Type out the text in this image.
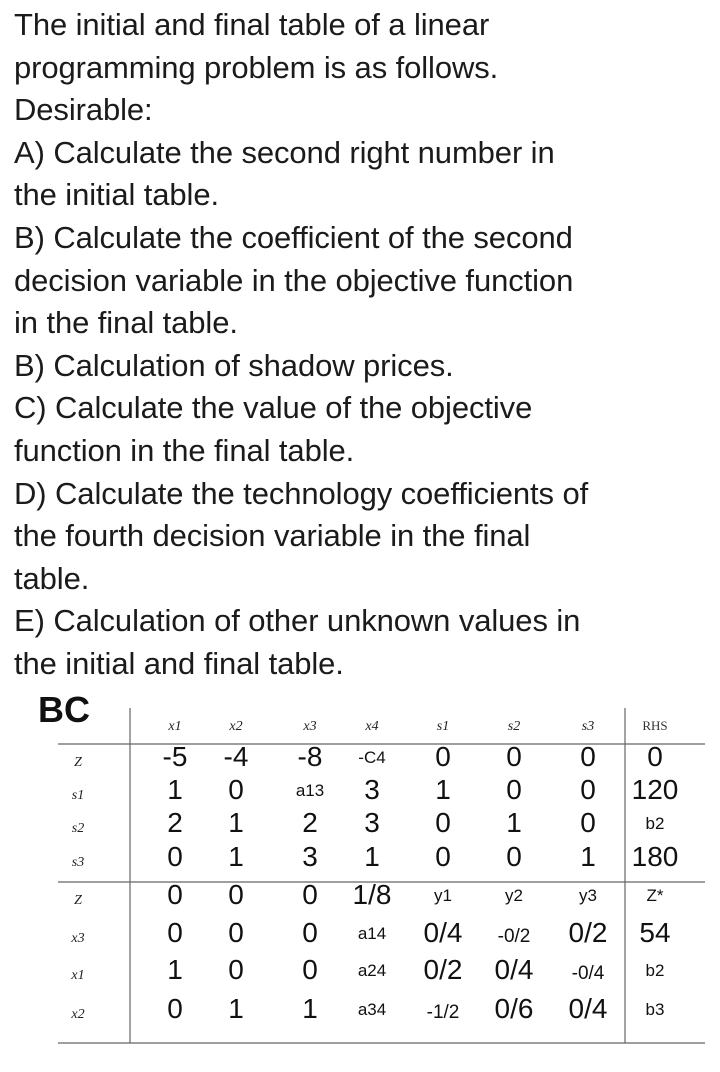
The initial and final table of a linear
programming problem is as follows.
Desirable:
A) Calculate the second right number in
the initial table.
B) Calculate the coefficient of the second
decision variable in the objective function
in the final table.
B) Calculation of shadow prices.
C) Calculate the value of the objective
function in the final table.
D) Calculate the technology coefficients of
the fourth decision variable in the final
table.
E) Calculation of other unknown values in
the initial and final table.
BC	x1	x2	x3	x4	s1	s2	s3	RHS
Z	-5 -4 -8 -C4 0 0 0 0
s1	1 0	a13 3 1 0 0 120
s2	2 1 2 3 0 1 0	b2
s3	0 1 3 1 0 0 1 180
Z	0 0 0 1/8	y1	y2	y3	Z*
x3	0 0 0 a14 0/4 -0/2 0/2 54
x1	1 0 0 a24 0/2 0/4 -0/4 b2
x2	0 1 1 a34 -1/2 0/6 0/4 b3
